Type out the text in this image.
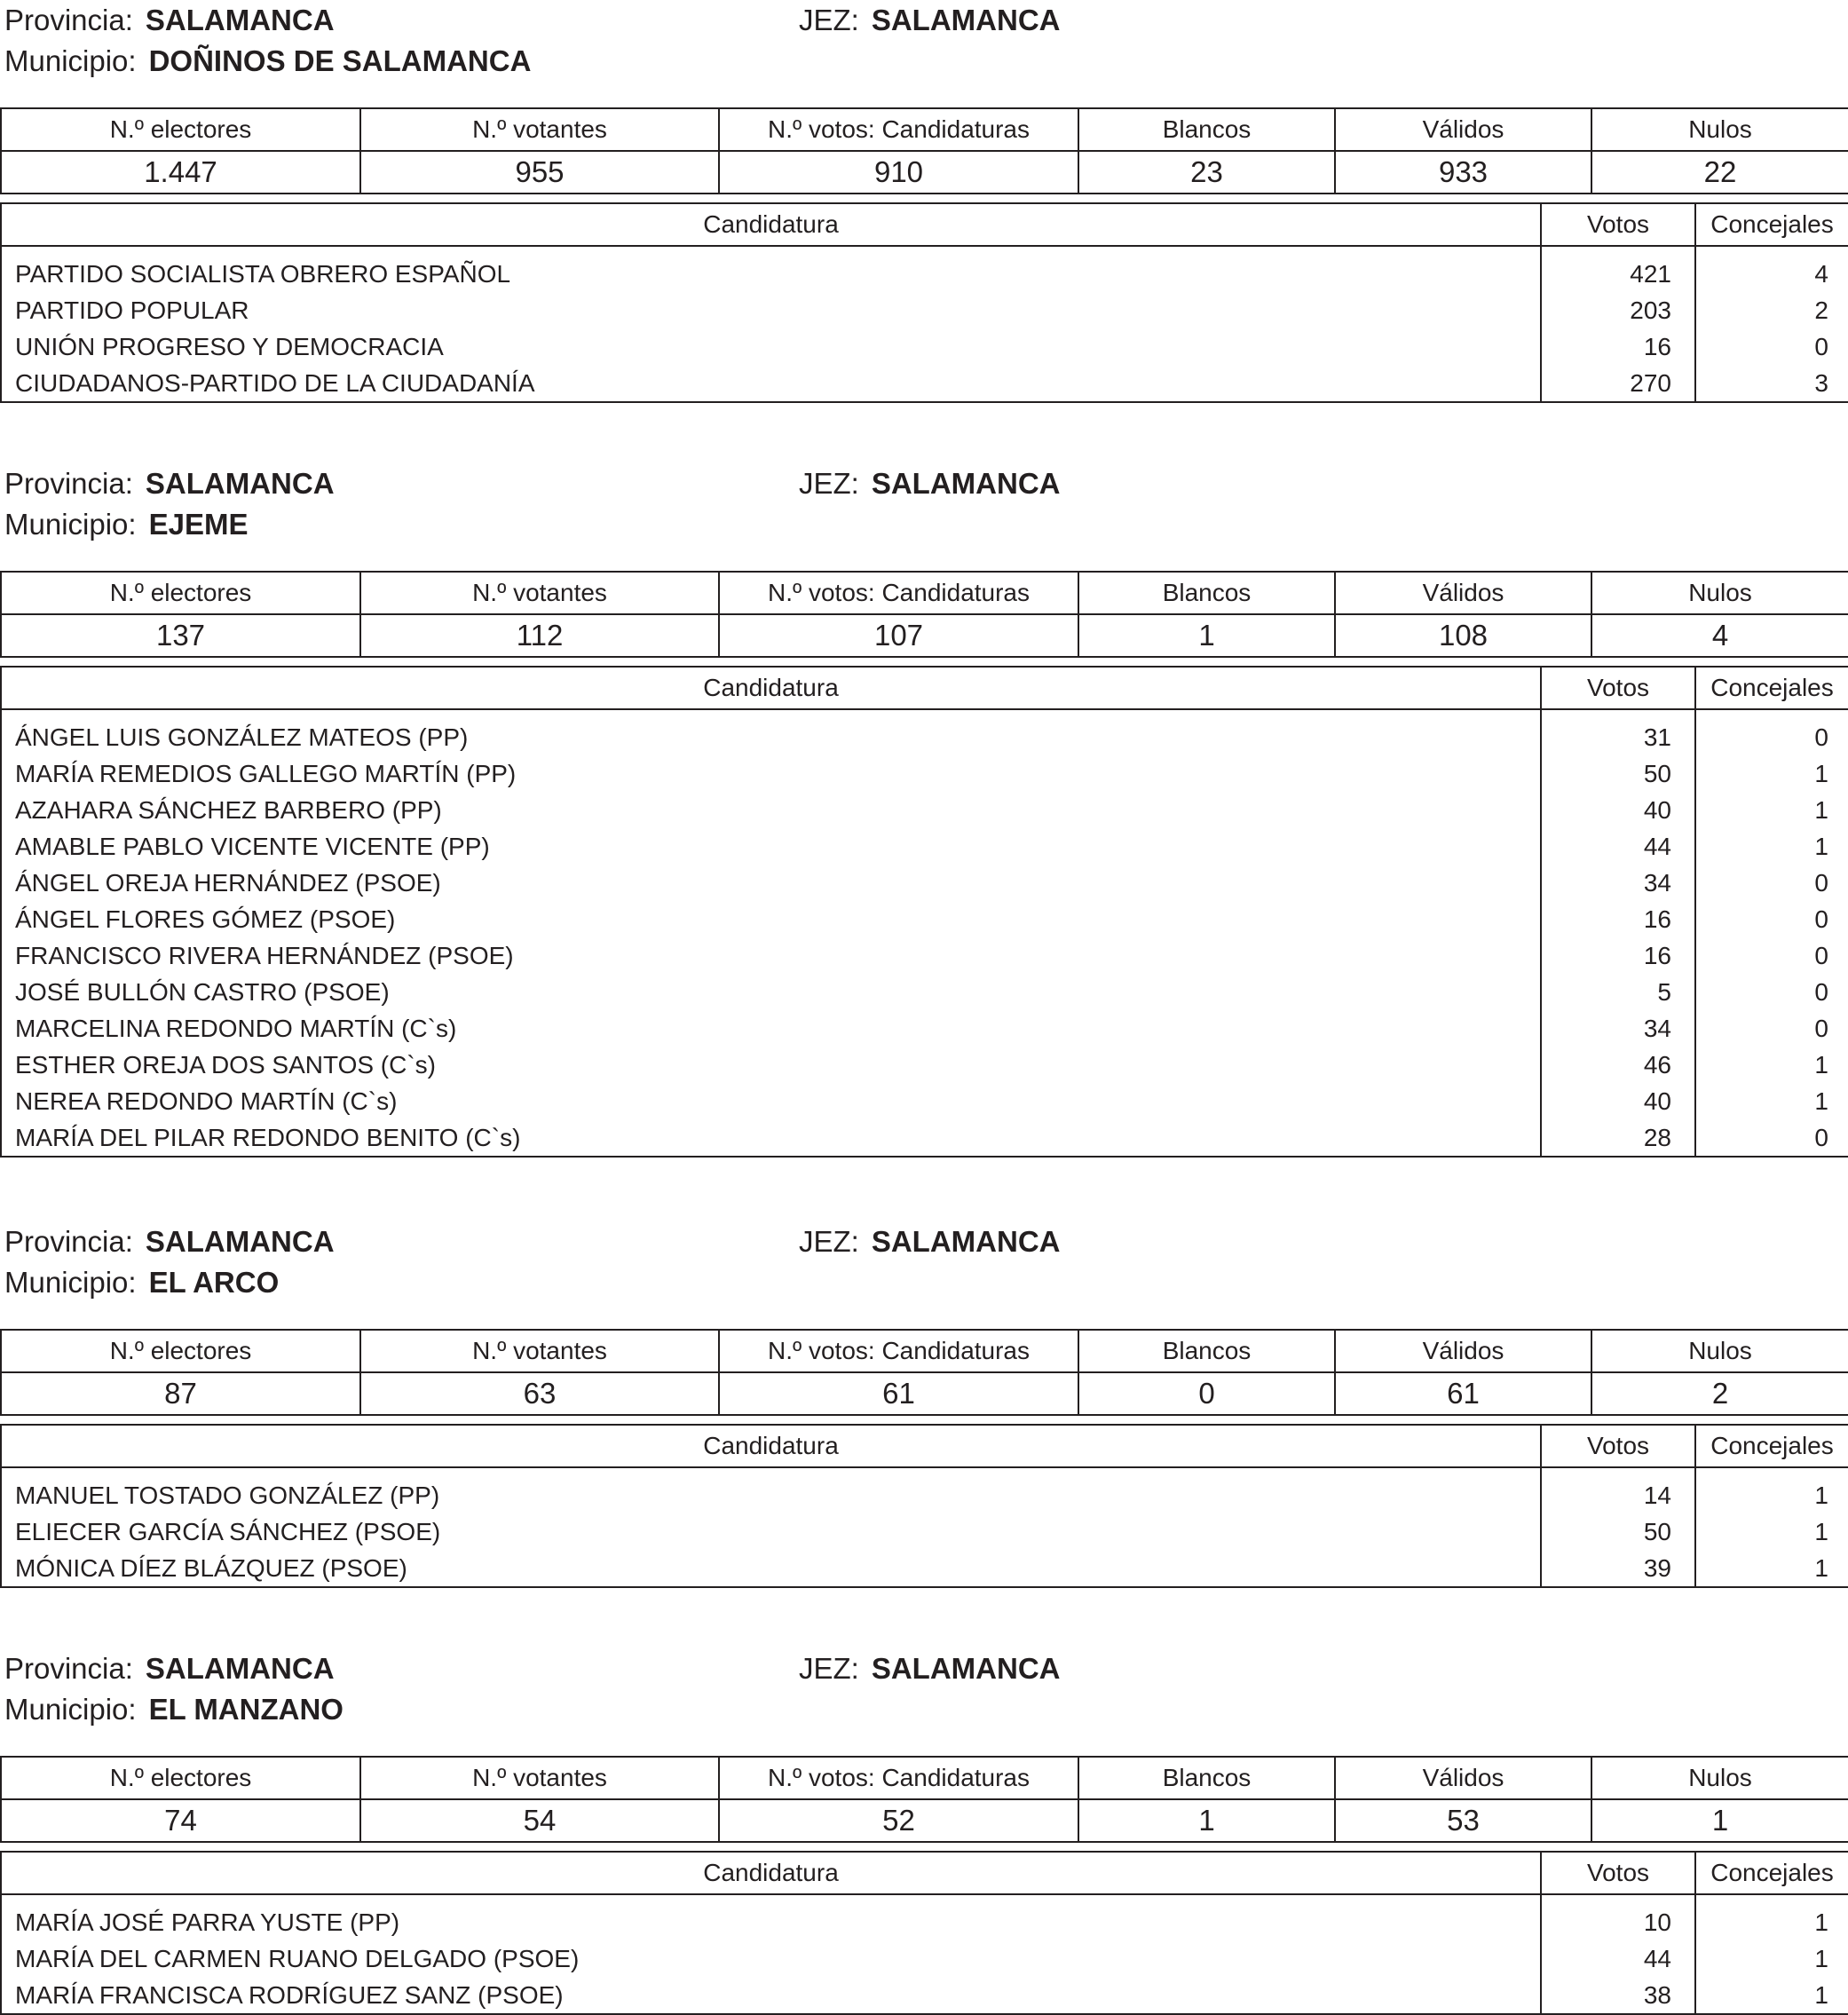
Provincia: SALAMANCA	JEZ: SALAMANCA
Municipio: DOÑINOS DE SALAMANCA
N.º electores	N.º votantes	N.º votos: Candidaturas	Blancos	Válidos	Nulos
1.447	955	910	23	933	22
Candidatura	Votos	Concejales

PARTIDO SOCIALISTA OBRERO ESPAÑOL	421	4
PARTIDO POPULAR	203	2
UNIÓN PROGRESO Y DEMOCRACIA	16	0
CIUDADANOS-PARTIDO DE LA CIUDADANÍA	270	3
Provincia: SALAMANCA	JEZ: SALAMANCA
Municipio: EJEME
N.º electores	N.º votantes	N.º votos: Candidaturas	Blancos	Válidos	Nulos
137	112	107	1	108	4
Candidatura	Votos	Concejales

ÁNGEL LUIS GONZÁLEZ MATEOS (PP)	31	0
MARÍA REMEDIOS GALLEGO MARTÍN (PP)	50	1
AZAHARA SÁNCHEZ BARBERO (PP)	40	1
AMABLE PABLO VICENTE VICENTE (PP)	44	1
ÁNGEL OREJA HERNÁNDEZ (PSOE)	34	0
ÁNGEL FLORES GÓMEZ (PSOE)	16	0
FRANCISCO RIVERA HERNÁNDEZ (PSOE)	16	0
JOSÉ BULLÓN CASTRO (PSOE)	5	0
MARCELINA REDONDO MARTÍN (C`s)	34	0
ESTHER OREJA DOS SANTOS (C`s)	46	1
NEREA REDONDO MARTÍN (C`s)	40	1
MARÍA DEL PILAR REDONDO BENITO (C`s)	28	0
Provincia: SALAMANCA	JEZ: SALAMANCA
Municipio: EL ARCO
N.º electores	N.º votantes	N.º votos: Candidaturas	Blancos	Válidos	Nulos
87	63	61	0	61	2
Candidatura	Votos	Concejales

MANUEL TOSTADO GONZÁLEZ (PP)	14	1
ELIECER GARCÍA SÁNCHEZ (PSOE)	50	1
MÓNICA DÍEZ BLÁZQUEZ (PSOE)	39	1
Provincia: SALAMANCA	JEZ: SALAMANCA
Municipio: EL MANZANO
N.º electores	N.º votantes	N.º votos: Candidaturas	Blancos	Válidos	Nulos
74	54	52	1	53	1
Candidatura	Votos	Concejales

MARÍA JOSÉ PARRA YUSTE (PP)	10	1
MARÍA DEL CARMEN RUANO DELGADO (PSOE)	44	1
MARÍA FRANCISCA RODRÍGUEZ SANZ (PSOE)	38	1
